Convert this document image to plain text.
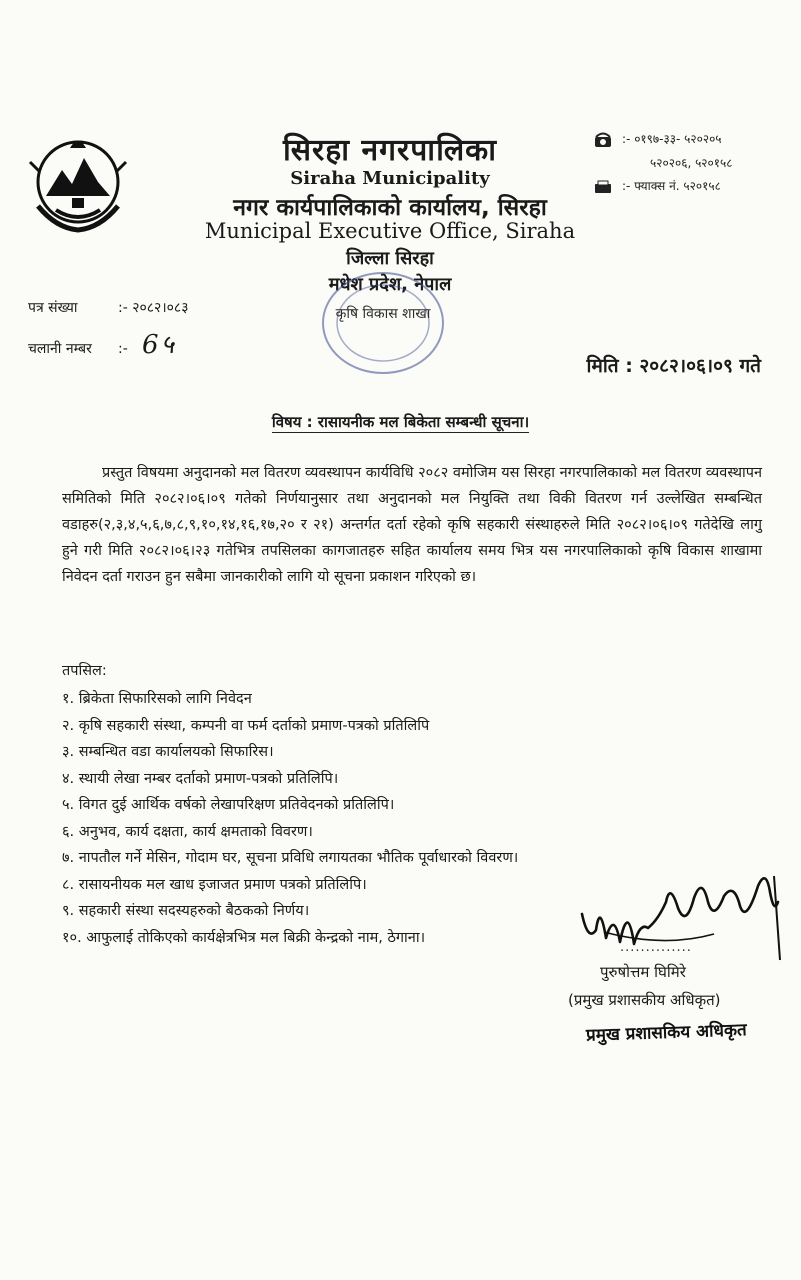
सिरहा नगरपालिका
Siraha Municipality
नगर कार्यपालिकाको कार्यालय, सिरहा
Municipal Executive Office, Siraha
जिल्ला सिरहा
मधेश प्रदेश, नेपाल
:- ०१९७-३३- ५२०२०५
५२०२०६, ५२०१५८
:- फ्याक्स नं. ५२०१५८
कृषि विकास शाखा
पत्र संख्या	:- २०८२।०८३
चलानी नम्बर :- 6५
मिति : २०८२।०६।०९ गते
विषय : रासायनीक मल बिकेता सम्बन्धी सूचना।
प्रस्तुत विषयमा अनुदानको मल वितरण व्यवस्थापन कार्यविधि २०८२ वमोजिम यस सिरहा नगरपालिकाको मल वितरण व्यवस्थापन समितिको मिति २०८२।०६।०९ गतेको निर्णयानुसार तथा अनुदानको मल नियुक्ति तथा विकी वितरण गर्न उल्लेखित सम्बन्धित वडाहरु(२,३,४,५,६,७,८,९,१०,१४,१६,१७,२० र २१) अन्तर्गत दर्ता रहेको कृषि सहकारी संस्थाहरुले मिति २०८२।०६।०९ गतेदेखि लागु हुने गरी मिति २०८२।०६।२३ गतेभित्र तपसिलका कागजातहरु सहित कार्यालय समय भित्र यस नगरपालिकाको कृषि विकास शाखामा निवेदन दर्ता गराउन हुन सबैमा जानकारीको लागि यो सूचना प्रकाशन गरिएको छ।
तपसिल:
१. ब्रिकेता सिफारिसको लागि निवेदन
२. कृषि सहकारी संस्था, कम्पनी वा फर्म दर्ताको प्रमाण-पत्रको प्रतिलिपि
३. सम्बन्धित वडा कार्यालयको सिफारिस।
४. स्थायी लेखा नम्बर दर्ताको प्रमाण-पत्रको प्रतिलिपि।
५. विगत दुई आर्थिक वर्षको लेखापरिक्षण प्रतिवेदनको प्रतिलिपि।
६. अनुभव, कार्य दक्षता, कार्य क्षमताको विवरण।
७. नापतौल गर्ने मेसिन, गोदाम घर, सूचना प्रविधि लगायतका भौतिक पूर्वाधारको विवरण।
८. रासायनीयक मल खाध इजाजत प्रमाण पत्रको प्रतिलिपि।
९. सहकारी संस्था सदस्यहरुको बैठकको निर्णय।
१०. आफुलाई तोकिएको कार्यक्षेत्रभित्र मल बिक्री केन्द्रको नाम, ठेगाना।
..............
पुरुषोत्तम घिमिरे
(प्रमुख प्रशासकीय अधिकृत)
प्रमुख प्रशासकिय अधिकृत
